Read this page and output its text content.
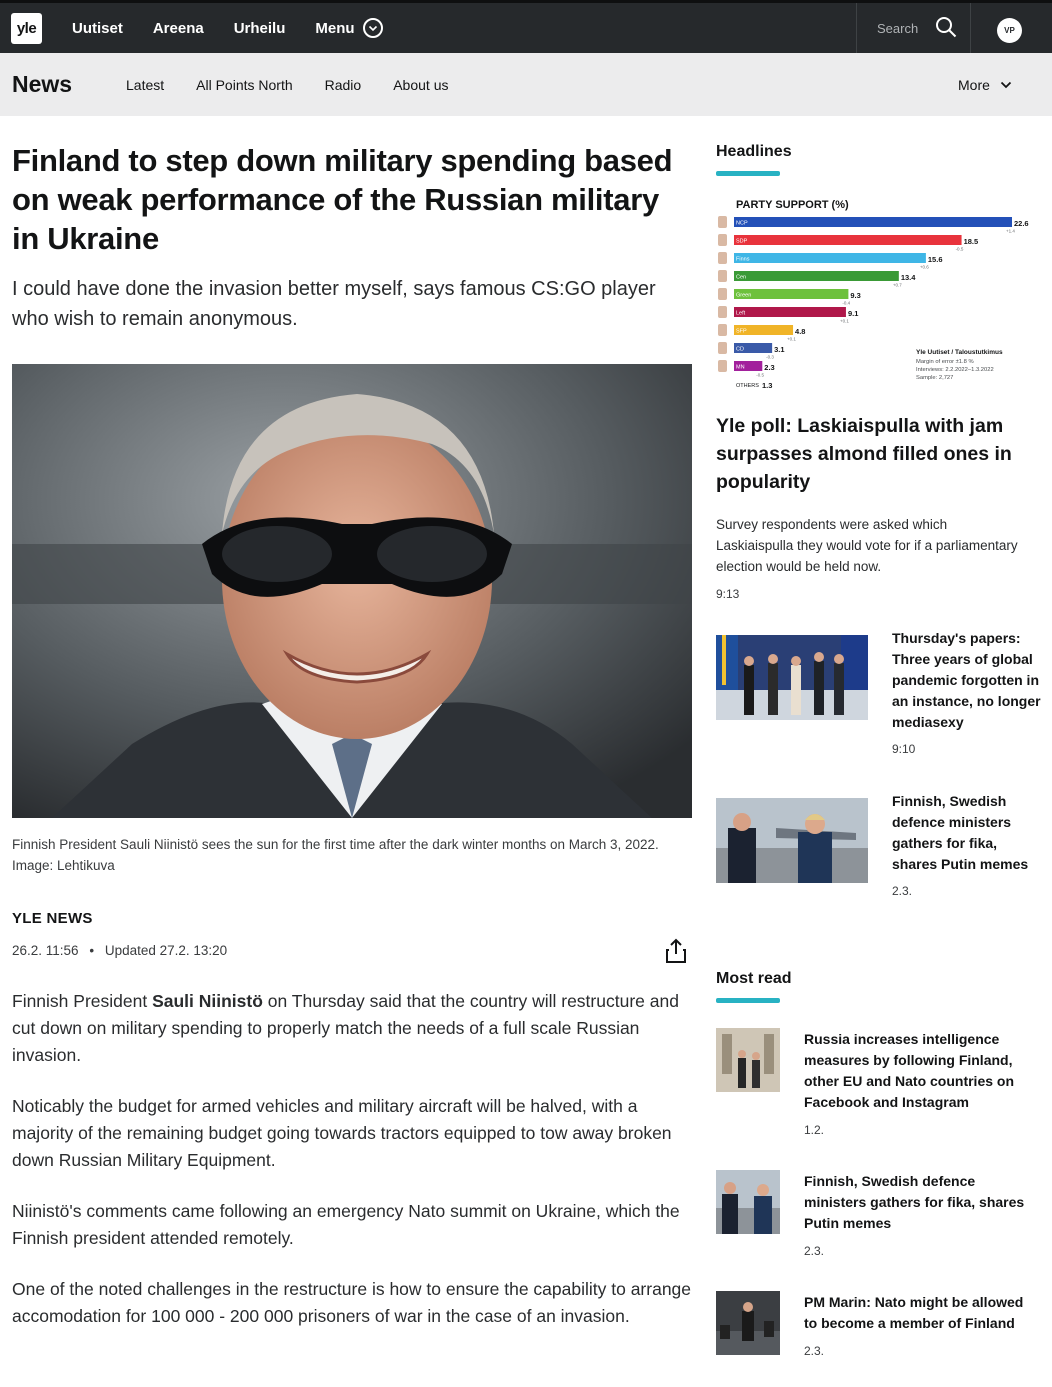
yle	Uutiset Areena Urheilu Menu	Search	VP
News	Latest All Points North Radio About us	More
Finland to step down military spending based on weak performance of the Russian military in Ukraine

I could have done the invasion better myself, says famous CS:GO player who wish to remain anonymous.

Finnish President Sauli Niinistö sees the sun for the first time after the dark winter months on March 3, 2022. Image: Lehtikuva

YLE NEWS
26.2. 11:56 • Updated 27.2. 13:20

Finnish President Sauli Niinistö on Thursday said that the country will restructure and cut down on military spending to properly match the needs of a full scale Russian invasion.

Noticably the budget for armed vehicles and military aircraft will be halved, with a majority of the remaining budget going towards tractors equipped to tow away broken down Russian Military Equipment.

Niinistö's comments came following an emergency Nato summit on Ukraine, which the Finnish president attended remotely.

One of the noted challenges in the restructure is how to ensure the capability to arrange accomodation for 100 000 - 200 000 prisoners of war in the case of an invasion.

Headlines
PARTY SUPPORT (%)
NCP	22.6
+1.4
SDP	18.5
-0.5
Finns	15.6
+0.6
Cen	13.4
+0.7
Green	9.3
-0.4
Left	9.1
+0.1
SFP	4.8
+0.1
CD	3.1
-0.3
MN	2.3
-0.5
OTHERS 1.3
Yle Uutiset / Taloustutkimus
Margin of error ±1.8 %
Interviews: 2.2.2022–1.3.2022
Sample: 2,727
Yle poll: Laskiaispulla with jam surpasses almond filled ones in popularity

Survey respondents were asked which Laskiaispulla they would vote for if a parliamentary election would be held now.

9:13
Thursday's papers: Three years of global pandemic forgotten in an instance, no longer mediasexy
9:10
Finnish, Swedish defence ministers gathers for fika, shares Putin memes
2.3.
Most read
Russia increases intelligence measures by following Finland, other EU and Nato countries on Facebook and Instagram
1.2.
Finnish, Swedish defence ministers gathers for fika, shares Putin memes
2.3.
PM Marin: Nato might be allowed to become a member of Finland
2.3.
